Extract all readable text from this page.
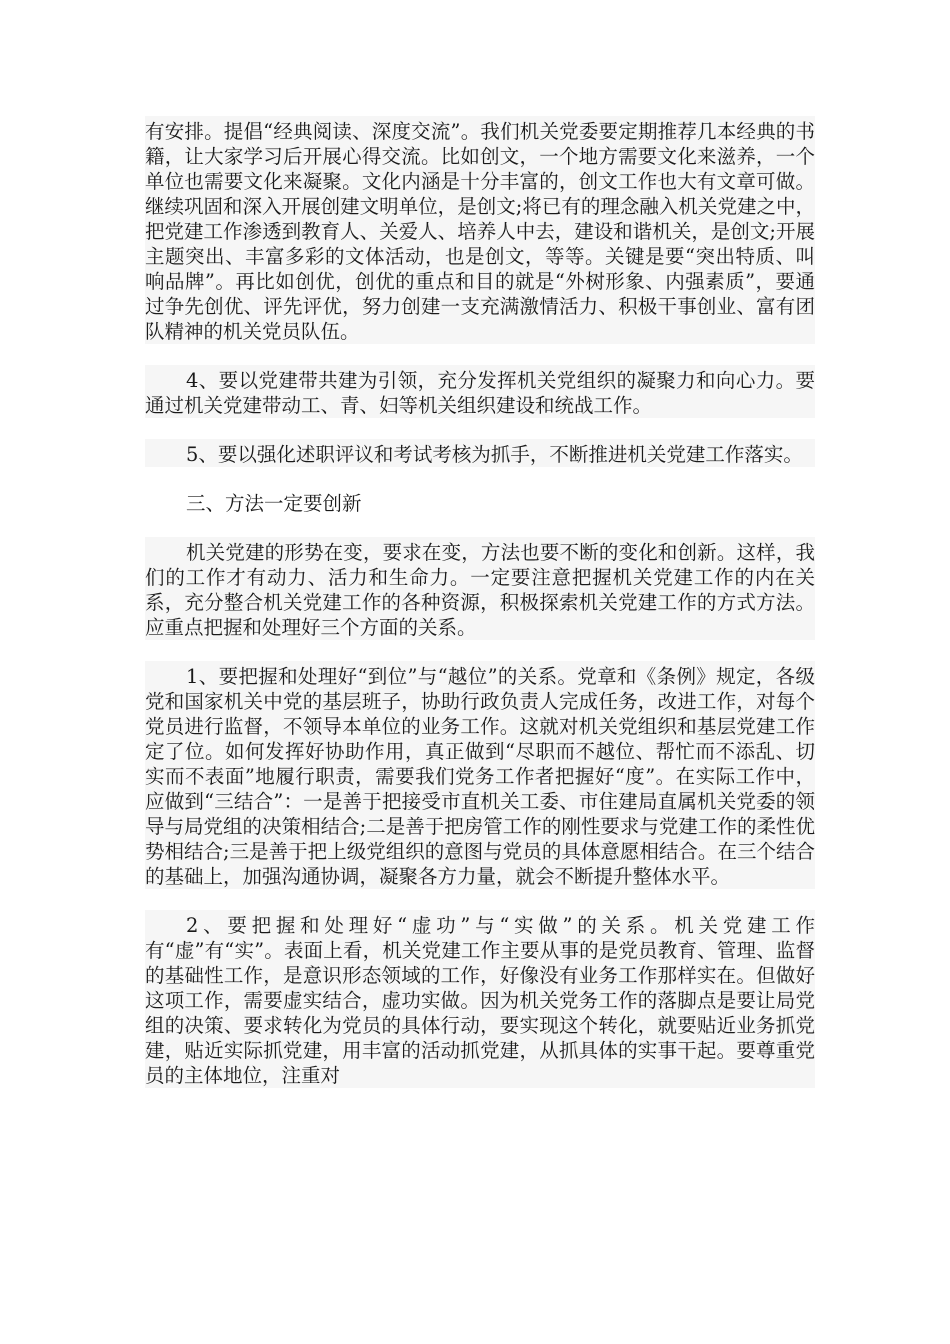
有安排。提倡“经典阅读、深度交流”。我们机关党委要定期推荐几本经典的书籍，让大家学习后开展心得交流。比如创文，一个地方需要文化来滋养，一个单位也需要文化来凝聚。文化内涵是十分丰富的，创文工作也大有文章可做。继续巩固和深入开展创建文明单位，是创文;将已有的理念融入机关党建之中，把党建工作渗透到教育人、关爱人、培养人中去，建设和谐机关，是创文;开展主题突出、丰富多彩的文体活动，也是创文，等等。关键是要“突出特质、叫响品牌”。再比如创优，创优的重点和目的就是“外树形象、内强素质”，要通过争先创优、评先评优，努力创建一支充满激情活力、积极干事创业、富有团队精神的机关党员队伍。

4、要以党建带共建为引领，充分发挥机关党组织的凝聚力和向心力。要通过机关党建带动工、青、妇等机关组织建设和统战工作。

5、要以强化述职评议和考试考核为抓手，不断推进机关党建工作落实。

三、方法一定要创新

机关党建的形势在变，要求在变，方法也要不断的变化和创新。这样，我们的工作才有动力、活力和生命力。一定要注意把握机关党建工作的内在关系，充分整合机关党建工作的各种资源，积极探索机关党建工作的方式方法。应重点把握和处理好三个方面的关系。

1、要把握和处理好“到位”与“越位”的关系。党章和《条例》规定，各级党和国家机关中党的基层班子，协助行政负责人完成任务，改进工作，对每个党员进行监督，不领导本单位的业务工作。这就对机关党组织和基层党建工作定了位。如何发挥好协助作用，真正做到“尽职而不越位、帮忙而不添乱、切实而不表面”地履行职责，需要我们党务工作者把握好“度”。在实际工作中，应做到“三结合”：一是善于把接受市直机关工委、市住建局直属机关党委的领导与局党组的决策相结合;二是善于把房管工作的刚性要求与党建工作的柔性优势相结合;三是善于把上级党组织的意图与党员的具体意愿相结合。在三个结合的基础上，加强沟通协调，凝聚各方力量，就会不断提升整体水平。

2、要把握和处理好“虚功”与“实做”的关系。机关党建工作有“虚”有“实”。表面上看，机关党建工作主要从事的是党员教育、管理、监督的基础性工作，是意识形态领域的工作，好像没有业务工作那样实在。但做好这项工作，需要虚实结合，虚功实做。因为机关党务工作的落脚点是要让局党组的决策、要求转化为党员的具体行动，要实现这个转化，就要贴近业务抓党建，贴近实际抓党建，用丰富的活动抓党建，从抓具体的实事干起。要尊重党员的主体地位，注重对
